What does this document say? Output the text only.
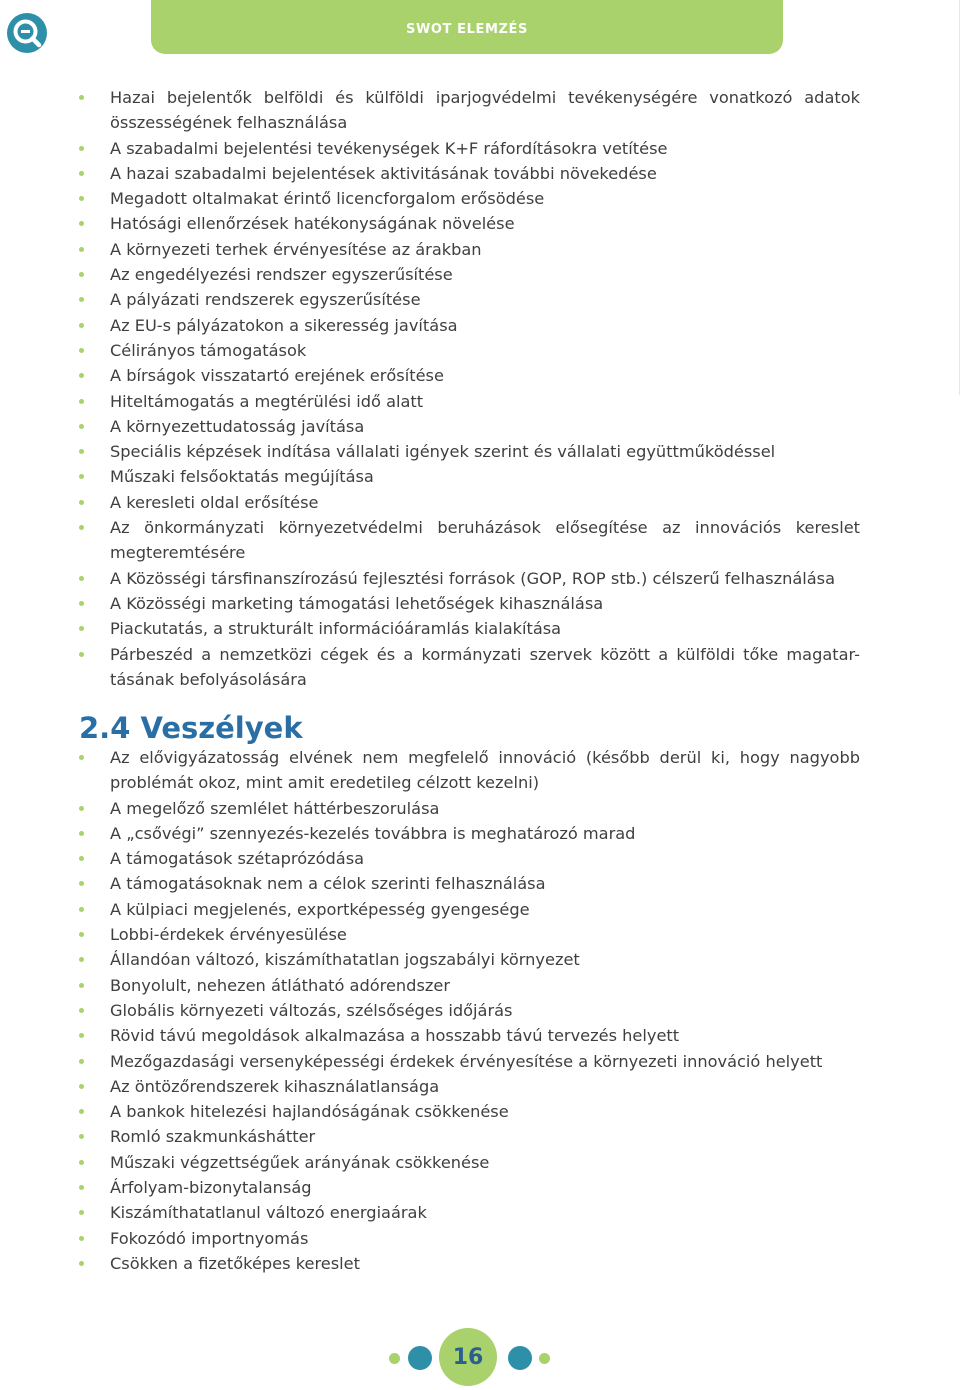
SWOT ELEMZÉS
Hazai bejelentők belföldi és külföldi iparjogvédelmi tevékenységére vonatkozó adatok összességének felhasználása
A szabadalmi bejelentési tevékenységek K+F ráfordításokra vetítése
A hazai szabadalmi bejelentések aktivitásának további növekedése
Megadott oltalmakat érintő licencforgalom erősödése
Hatósági ellenőrzések hatékonyságának növelése
A környezeti terhek érvényesítése az árakban
Az engedélyezési rendszer egyszerűsítése
A pályázati rendszerek egyszerűsítése
Az EU-s pályázatokon a sikeresség javítása
Célirányos támogatások
A bírságok visszatartó erejének erősítése
Hiteltámogatás a megtérülési idő alatt
A környezettudatosság javítása
Speciális képzések indítása vállalati igények szerint és vállalati együttműködéssel
Műszaki felsőoktatás megújítása
A keresleti oldal erősítése
Az önkormányzati környezetvédelmi beruházások elősegítése az innovációs kereslet megteremtésére
A Közösségi társfinanszírozású fejlesztési források (GOP, ROP stb.) célszerű felhasználása
A Közösségi marketing támogatási lehetőségek kihasználása
Piackutatás, a strukturált információáramlás kialakítása
Párbeszéd a nemzetközi cégek és a kormányzati szervek között a külföldi tőke magatar-tásának befolyásolására
2.4 Veszélyek
Az elővigyázatosság elvének nem megfelelő innováció (később derül ki, hogy nagyobb problémát okoz, mint amit eredetileg célzott kezelni)
A megelőző szemlélet háttérbeszorulása
A „csővégi” szennyezés-kezelés továbbra is meghatározó marad
A támogatások szétaprózódása
A támogatásoknak nem a célok szerinti felhasználása
A külpiaci megjelenés, exportképesség gyengesége
Lobbi-érdekek érvényesülése
Állandóan változó, kiszámíthatatlan jogszabályi környezet
Bonyolult, nehezen átlátható adórendszer
Globális környezeti változás, szélsőséges időjárás
Rövid távú megoldások alkalmazása a hosszabb távú tervezés helyett
Mezőgazdasági versenyképességi érdekek érvényesítése a környezeti innováció helyett
Az öntözőrendszerek kihasználatlansága
A bankok hitelezési hajlandóságának csökkenése
Romló szakmunkáshátter
Műszaki végzettségűek arányának csökkenése
Árfolyam-bizonytalanság
Kiszámíthatatlanul változó energiaárak
Fokozódó importnyomás
Csökken a fizetőképes kereslet
16
